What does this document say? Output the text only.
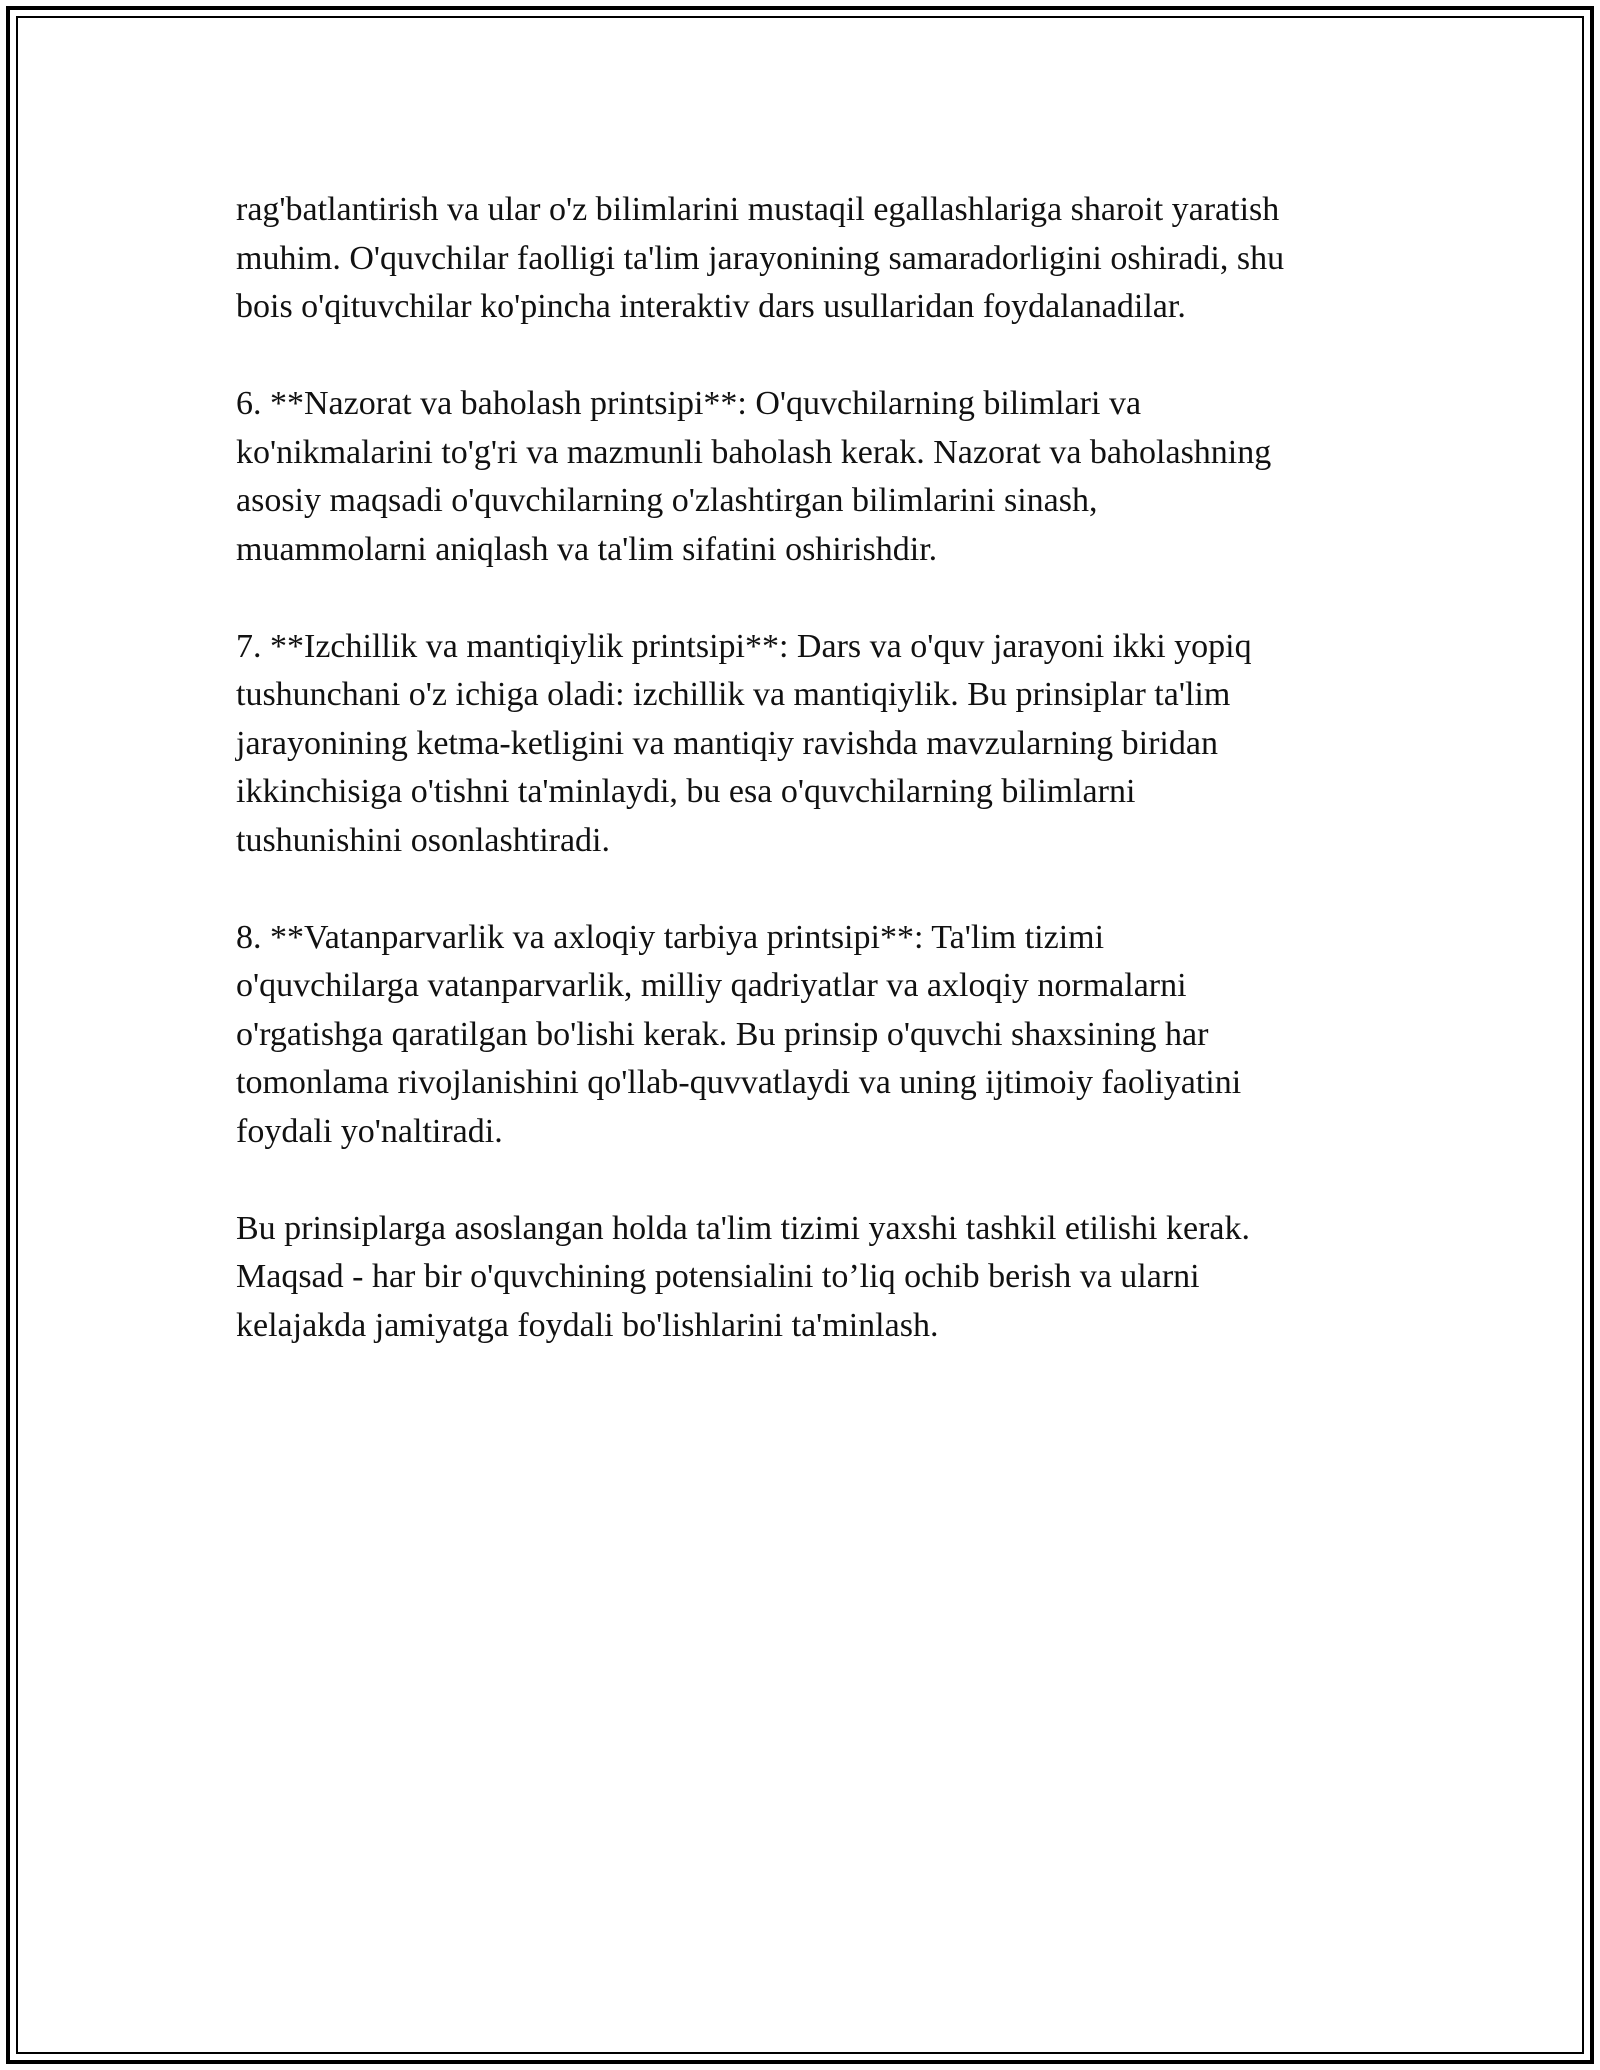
rag'batlantirish va ular o'z bilimlarini mustaqil egallashlariga sharoit yaratish
muhim. O'quvchilar faolligi ta'lim jarayonining samaradorligini oshiradi, shu
bois o'qituvchilar ko'pincha interaktiv dars usullaridan foydalanadilar.

6. **Nazorat va baholash printsipi**: O'quvchilarning bilimlari va
ko'nikmalarini to'g'ri va mazmunli baholash kerak. Nazorat va baholashning
asosiy maqsadi o'quvchilarning o'zlashtirgan bilimlarini sinash,
muammolarni aniqlash va ta'lim sifatini oshirishdir.

7. **Izchillik va mantiqiylik printsipi**: Dars va o'quv jarayoni ikki yopiq
tushunchani o'z ichiga oladi: izchillik va mantiqiylik. Bu prinsiplar ta'lim
jarayonining ketma-ketligini va mantiqiy ravishda mavzularning biridan
ikkinchisiga o'tishni ta'minlaydi, bu esa o'quvchilarning bilimlarni
tushunishini osonlashtiradi.

8. **Vatanparvarlik va axloqiy tarbiya printsipi**: Ta'lim tizimi
o'quvchilarga vatanparvarlik, milliy qadriyatlar va axloqiy normalarni
o'rgatishga qaratilgan bo'lishi kerak. Bu prinsip o'quvchi shaxsining har
tomonlama rivojlanishini qo'llab-quvvatlaydi va uning ijtimoiy faoliyatini
foydali yo'naltiradi.

Bu prinsiplarga asoslangan holda ta'lim tizimi yaxshi tashkil etilishi kerak.
Maqsad - har bir o'quvchining potensialini to’liq ochib berish va ularni
kelajakda jamiyatga foydali bo'lishlarini ta'minlash.
